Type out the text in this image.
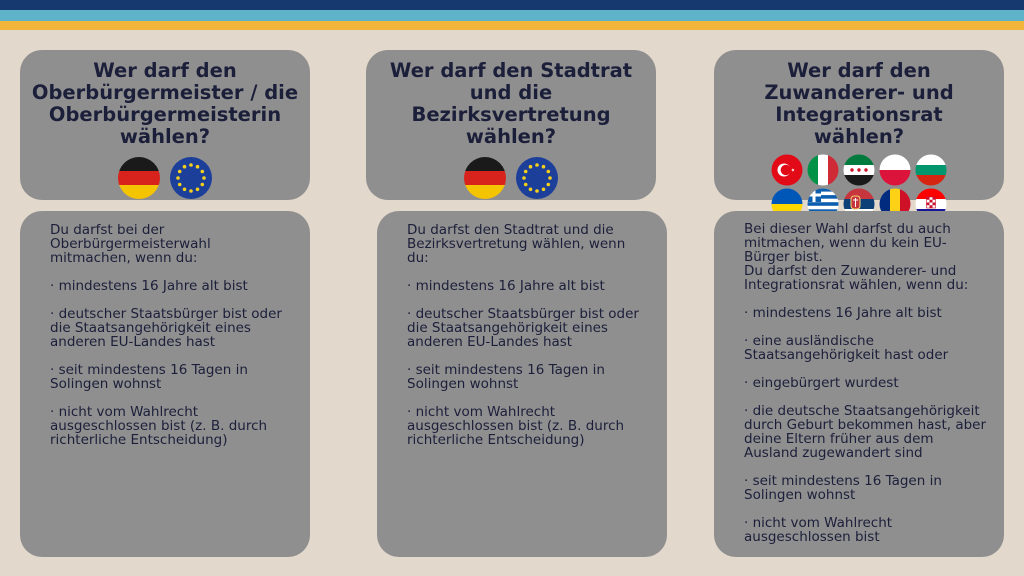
Wer darf den Oberbürgermeister / die Oberbürgermeisterin wählen?
Wer darf den Stadtrat und die Bezirksvertretung wählen?
Wer darf den Zuwanderer- und Integrationsrat wählen?

Du darfst bei der Oberbürgermeisterwahl mitmachen, wenn du:

· mindestens 16 Jahre alt bist

· deutscher Staatsbürger bist oder die Staatsangehörigkeit eines anderen EU-Landes hast

· seit mindestens 16 Tagen in Solingen wohnst

· nicht vom Wahlrecht ausgeschlossen bist (z. B. durch richterliche Entscheidung)

Du darfst den Stadtrat und die Bezirksvertretung wählen, wenn du:

· mindestens 16 Jahre alt bist

· deutscher Staatsbürger bist oder die Staatsangehörigkeit eines anderen EU-Landes hast

· seit mindestens 16 Tagen in Solingen wohnst

· nicht vom Wahlrecht ausgeschlossen bist (z. B. durch richterliche Entscheidung)

Bei dieser Wahl darfst du auch mitmachen, wenn du kein EU-Bürger bist.

Du darfst den Zuwanderer- und Integrationsrat wählen, wenn du:

· mindestens 16 Jahre alt bist

· eine ausländische Staatsangehörigkeit hast oder

· eingebürgert wurdest

· die deutsche Staatsangehörigkeit durch Geburt bekommen hast, aber deine Eltern früher aus dem Ausland zugewandert sind

· seit mindestens 16 Tagen in Solingen wohnst

· nicht vom Wahlrecht ausgeschlossen bist
